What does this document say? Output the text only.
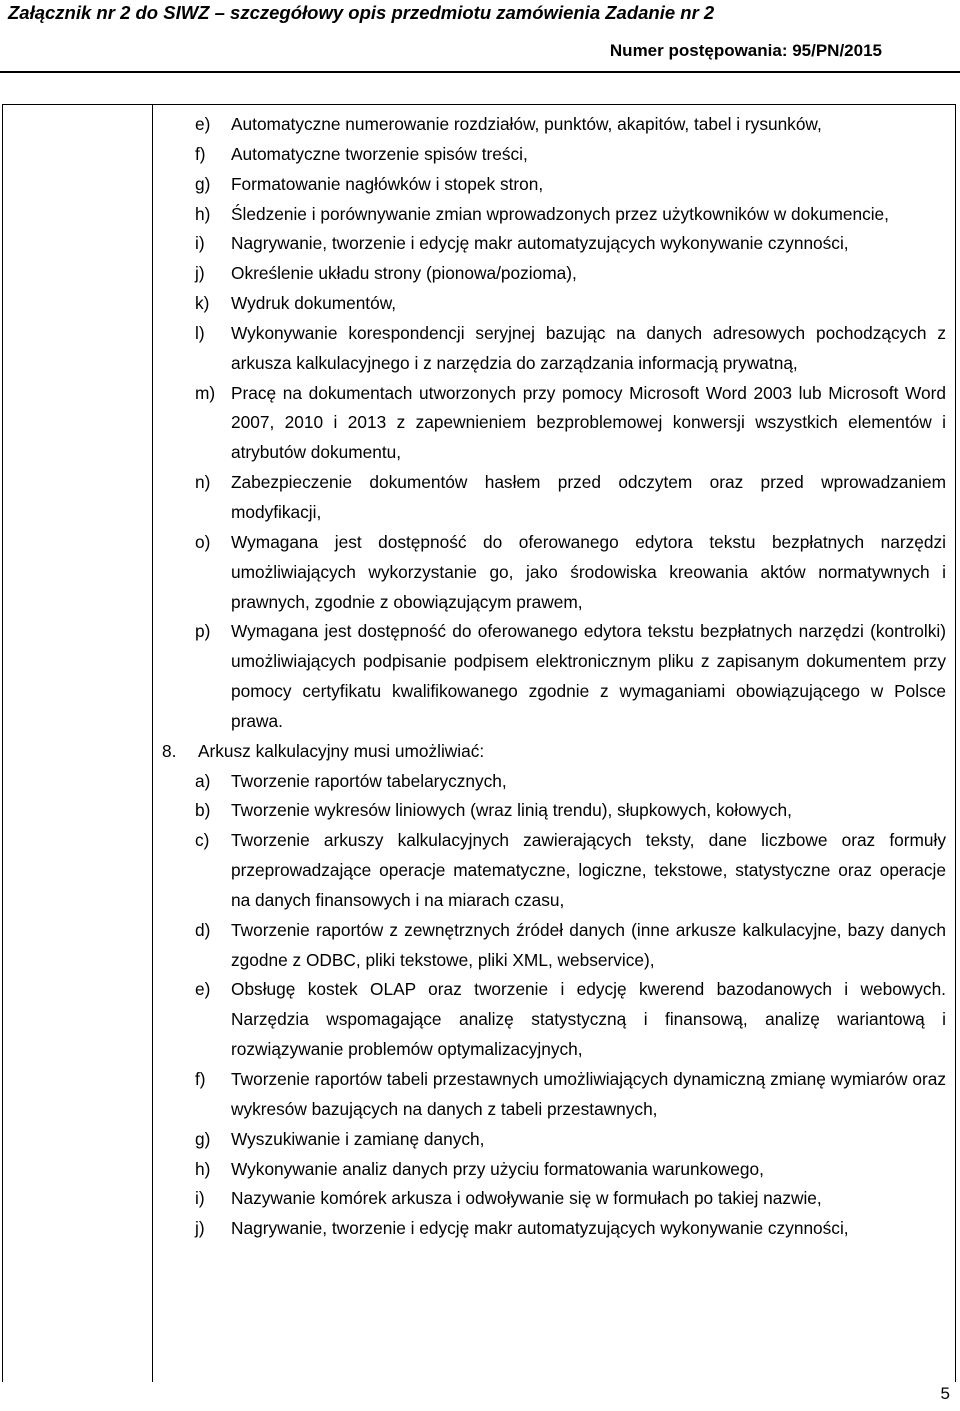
Załącznik nr 2 do SIWZ – szczegółowy opis przedmiotu zamówienia Zadanie nr 2
Numer postępowania: 95/PN/2015
e) Automatyczne numerowanie rozdziałów, punktów, akapitów, tabel i rysunków,
f) Automatyczne tworzenie spisów treści,
g) Formatowanie nagłówków i stopek stron,
h) Śledzenie i porównywanie zmian wprowadzonych przez użytkowników w dokumencie,
i) Nagrywanie, tworzenie i edycję makr automatyzujących wykonywanie czynności,
j) Określenie układu strony (pionowa/pozioma),
k) Wydruk dokumentów,
l) Wykonywanie korespondencji seryjnej bazując na danych adresowych pochodzących z arkusza kalkulacyjnego i z narzędzia do zarządzania informacją prywatną,
m) Pracę na dokumentach utworzonych przy pomocy Microsoft Word 2003 lub Microsoft Word 2007, 2010 i 2013 z zapewnieniem bezproblemowej konwersji wszystkich elementów i atrybutów dokumentu,
n) Zabezpieczenie dokumentów hasłem przed odczytem oraz przed wprowadzaniem modyfikacji,
o) Wymagana jest dostępność do oferowanego edytora tekstu bezpłatnych narzędzi umożliwiających wykorzystanie go, jako środowiska kreowania aktów normatywnych i prawnych, zgodnie z obowiązującym prawem,
p) Wymagana jest dostępność do oferowanego edytora tekstu bezpłatnych narzędzi (kontrolki) umożliwiających podpisanie podpisem elektronicznym pliku z zapisanym dokumentem przy pomocy certyfikatu kwalifikowanego zgodnie z wymaganiami obowiązującego w Polsce prawa.
8. Arkusz kalkulacyjny musi umożliwiać:
a) Tworzenie raportów tabelarycznych,
b) Tworzenie wykresów liniowych (wraz linią trendu), słupkowych, kołowych,
c) Tworzenie arkuszy kalkulacyjnych zawierających teksty, dane liczbowe oraz formuły przeprowadzające operacje matematyczne, logiczne, tekstowe, statystyczne oraz operacje na danych finansowych i na miarach czasu,
d) Tworzenie raportów z zewnętrznych źródeł danych (inne arkusze kalkulacyjne, bazy danych zgodne z ODBC, pliki tekstowe, pliki XML, webservice),
e) Obsługę kostek OLAP oraz tworzenie i edycję kwerend bazodanowych i webowych. Narzędzia wspomagające analizę statystyczną i finansową, analizę wariantową i rozwiązywanie problemów optymalizacyjnych,
f) Tworzenie raportów tabeli przestawnych umożliwiających dynamiczną zmianę wymiarów oraz wykresów bazujących na danych z tabeli przestawnych,
g) Wyszukiwanie i zamianę danych,
h) Wykonywanie analiz danych przy użyciu formatowania warunkowego,
i) Nazywanie komórek arkusza i odwoływanie się w formułach po takiej nazwie,
j) Nagrywanie, tworzenie i edycję makr automatyzujących wykonywanie czynności,
5
